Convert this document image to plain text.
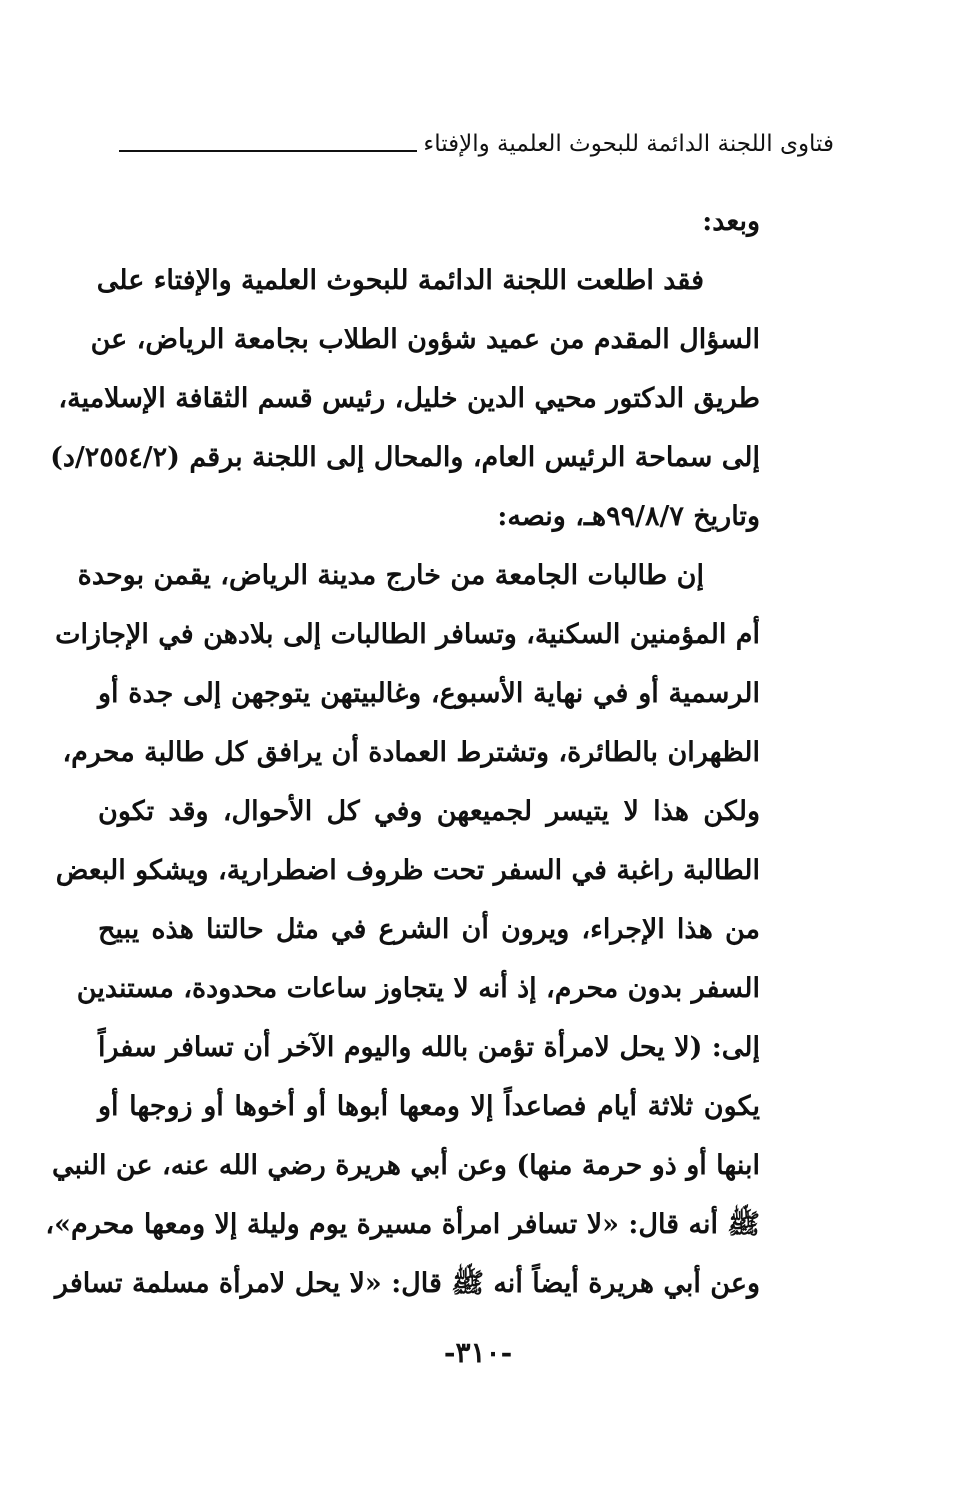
فتاوى اللجنة الدائمة للبحوث العلمية والإفتاء
وبعد:
فقد اطلعت اللجنة الدائمة للبحوث العلمية والإفتاء على
السؤال المقدم من عميد شؤون الطلاب بجامعة الرياض، عن
طريق الدكتور محيي الدين خليل، رئيس قسم الثقافة الإسلامية،
إلى سماحة الرئيس العام، والمحال إلى اللجنة برقم (٢٥٥٤/٢/د)
وتاريخ ٩٩/٨/٧هـ، ونصه:
إن طالبات الجامعة من خارج مدينة الرياض، يقمن بوحدة
أم المؤمنين السكنية، وتسافر الطالبات إلى بلادهن في الإجازات
الرسمية أو في نهاية الأسبوع، وغالبيتهن يتوجهن إلى جدة أو
الظهران بالطائرة، وتشترط العمادة أن يرافق كل طالبة محرم،
ولكن هذا لا يتيسر لجميعهن وفي كل الأحوال، وقد تكون
الطالبة راغبة في السفر تحت ظروف اضطرارية، ويشكو البعض
من هذا الإجراء، ويرون أن الشرع في مثل حالتنا هذه يبيح
السفر بدون محرم، إذ أنه لا يتجاوز ساعات محدودة، مستندين
إلى: (لا يحل لامرأة تؤمن بالله واليوم الآخر أن تسافر سفراً
يكون ثلاثة أيام فصاعداً إلا ومعها أبوها أو أخوها أو زوجها أو
ابنها أو ذو حرمة منها) وعن أبي هريرة رضي الله عنه، عن النبي
ﷺ أنه قال: «لا تسافر امرأة مسيرة يوم وليلة إلا ومعها محرم»،
وعن أبي هريرة أيضاً أنه ﷺ قال: «لا يحل لامرأة مسلمة تسافر
-٣١٠-
